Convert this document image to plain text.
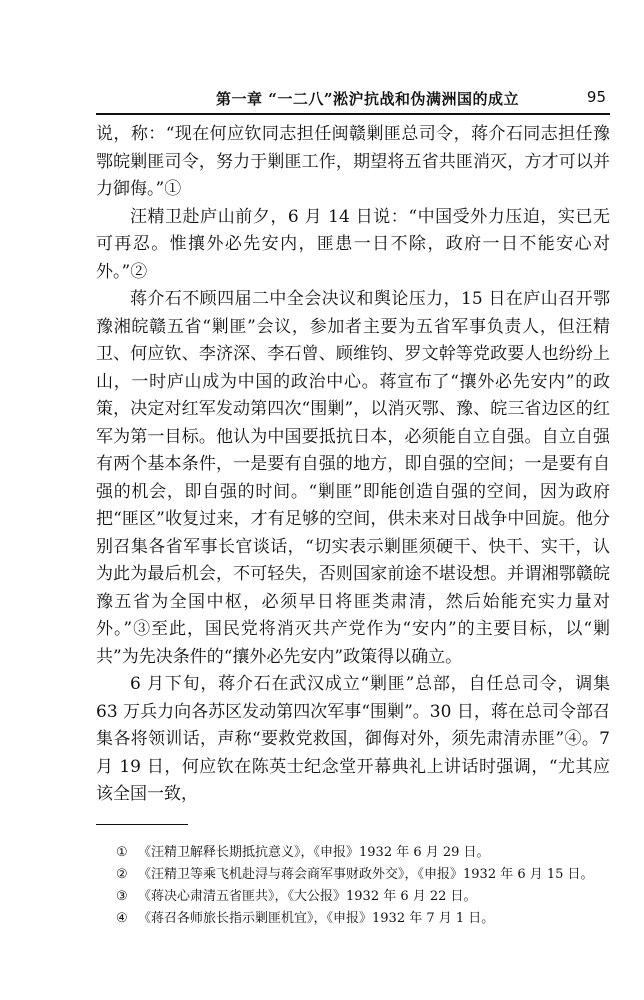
第一章 “一二八”淞沪抗战和伪满洲国的成立	95

说，称：“现在何应钦同志担任闽赣剿匪总司令，蒋介石同志担任豫鄂皖剿匪司令，努力于剿匪工作，期望将五省共匪消灭，方才可以并力御侮。”①

汪精卫赴庐山前夕，6 月 14 日说：“中国受外力压迫，实已无可再忍。惟攘外必先安内，匪患一日不除，政府一日不能安心对外。”②

蒋介石不顾四届二中全会决议和舆论压力，15 日在庐山召开鄂豫湘皖赣五省“剿匪”会议，参加者主要为五省军事负责人，但汪精卫、何应钦、李济深、李石曾、顾维钧、罗文幹等党政要人也纷纷上山，一时庐山成为中国的政治中心。蒋宣布了“攘外必先安内”的政策，决定对红军发动第四次“围剿”，以消灭鄂、豫、皖三省边区的红军为第一目标。他认为中国要抵抗日本，必须能自立自强。自立自强有两个基本条件，一是要有自强的地方，即自强的空间；一是要有自强的机会，即自强的时间。“剿匪”即能创造自强的空间，因为政府把“匪区”收复过来，才有足够的空间，供未来对日战争中回旋。他分别召集各省军事长官谈话，“切实表示剿匪须硬干、快干、实干，认为此为最后机会，不可轻失，否则国家前途不堪设想。并谓湘鄂赣皖豫五省为全国中枢，必须早日将匪类肃清，然后始能充实力量对外。”③至此，国民党将消灭共产党作为“安内”的主要目标，以“剿共”为先决条件的“攘外必先安内”政策得以确立。

6 月下旬，蒋介石在武汉成立“剿匪”总部，自任总司令，调集 63 万兵力向各苏区发动第四次军事“围剿”。30 日，蒋在总司令部召集各将领训话，声称“要救党救国，御侮对外，须先肃清赤匪”④。7 月 19 日，何应钦在陈英士纪念堂开幕典礼上讲话时强调，“尤其应该全国一致，

① 《汪精卫解释长期抵抗意义》，《申报》1932 年 6 月 29 日。
② 《汪精卫等乘飞机赴浔与蒋会商军事财政外交》，《申报》1932 年 6 月 15 日。
③ 《蒋决心肃清五省匪共》，《大公报》1932 年 6 月 22 日。
④ 《蒋召各师旅长指示剿匪机宜》，《申报》1932 年 7 月 1 日。
